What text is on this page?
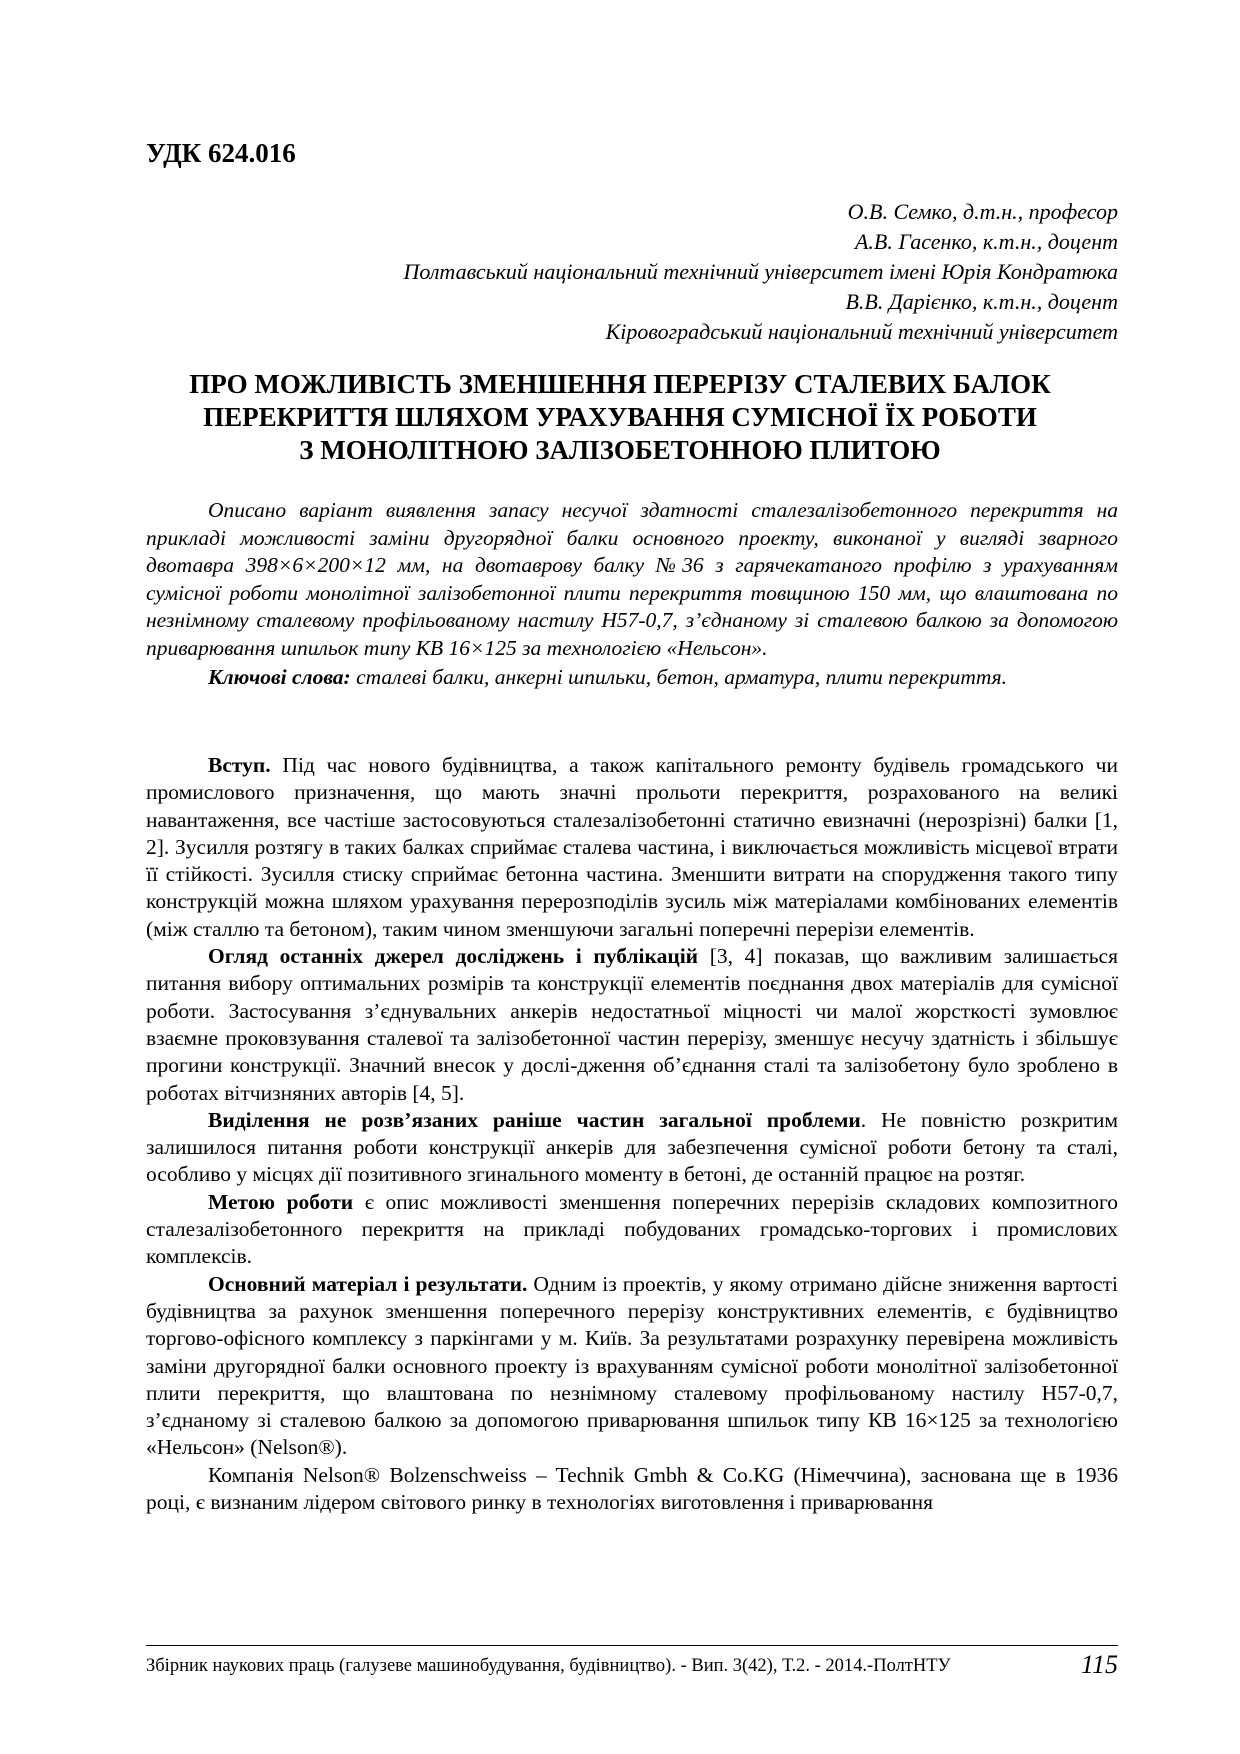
УДК 624.016
О.В. Семко, д.т.н., професор
А.В. Гасенко, к.т.н., доцент
Полтавський національний технічний університет імені Юрія Кондратюка
В.В. Дарієнко, к.т.н., доцент
Кіровоградський національний технічний університет
ПРО МОЖЛИВІСТЬ ЗМЕНШЕННЯ ПЕРЕРІЗУ СТАЛЕВИХ БАЛОК
ПЕРЕКРИТТЯ ШЛЯХОМ УРАХУВАННЯ СУМІСНОЇ ЇХ РОБОТИ
З МОНОЛІТНОЮ ЗАЛІЗОБЕТОННОЮ ПЛИТОЮ

Описано варіант виявлення запасу несучої здатності сталезалізобетонного перекриття на прикладі можливості заміни другорядної балки основного проекту, виконаної у вигляді зварного двотавра 398×6×200×12 мм, на двотаврову балку №36 з гарячекатаного профілю з урахуванням сумісної роботи монолітної залізобетонної плити перекриття товщиною 150 мм, що влаштована по незнімному сталевому профільованому настилу Н57-0,7, з’єднаному зі сталевою балкою за допомогою приварювання шпильок типу КВ 16×125 за технологією «Нельсон».

Ключові слова: сталеві балки, анкерні шпильки, бетон, арматура, плити перекриття.

Вступ. Під час нового будівництва, а також капітального ремонту будівель громадського чи промислового призначення, що мають значні прольоти перекриття, розрахованого на великі навантаження, все частіше застосовуються сталезалізобетонні статично евизначні (нерозрізні) балки [1, 2]. Зусилля розтягу в таких балках сприймає сталева частина, і виключається можливість місцевої втрати її стійкості. Зусилля стиску сприймає бетонна частина. Зменшити витрати на спорудження такого типу конструкцій можна шляхом урахування перерозподілів зусиль між матеріалами комбінованих елементів (між сталлю та бетоном), таким чином зменшуючи загальні поперечні перерізи елементів.

Огляд останніх джерел досліджень і публікацій [3, 4] показав, що важливим залишається питання вибору оптимальних розмірів та конструкції елементів поєднання двох матеріалів для сумісної роботи. Застосування з’єднувальних анкерів недостатньої міцності чи малої жорсткості зумовлює взаємне проковзування сталевої та залізобетонної частин перерізу, зменшує несучу здатність і збільшує прогини конструкції. Значний внесок у дослі-дження об’єднання сталі та залізобетону було зроблено в роботах вітчизняних авторів [4, 5].

Виділення не розв’язаних раніше частин загальної проблеми. Не повністю розкритим залишилося питання роботи конструкції анкерів для забезпечення сумісної роботи бетону та сталі, особливо у місцях дії позитивного згинального моменту в бетоні, де останній працює на розтяг.

Метою роботи є опис можливості зменшення поперечних перерізів складових композитного сталезалізобетонного перекриття на прикладі побудованих громадсько-торгових і промислових комплексів.

Основний матеріал і результати. Одним із проектів, у якому отримано дійсне зниження вартості будівництва за рахунок зменшення поперечного перерізу конструктивних елементів, є будівництво торгово-офісного комплексу з паркінгами у м. Київ. За результатами розрахунку перевірена можливість заміни другорядної балки основного проекту із врахуванням сумісної роботи монолітної залізобетонної плити перекриття, що влаштована по незнімному сталевому профільованому настилу Н57-0,7, з’єднаному зі сталевою балкою за допомогою приварювання шпильок типу КВ 16×125 за технологією «Нельсон» (Nelson®).

Компанія Nelson® Bolzenschweiss – Technik Gmbh & Co.KG (Німеччина), заснована ще в 1936 році, є визнаним лідером світового ринку в технологіях виготовлення і приварювання

Збірник наукових праць (галузеве машинобудування, будівництво). - Вип. 3(42), Т.2. - 2014.-ПолтНТУ	115
